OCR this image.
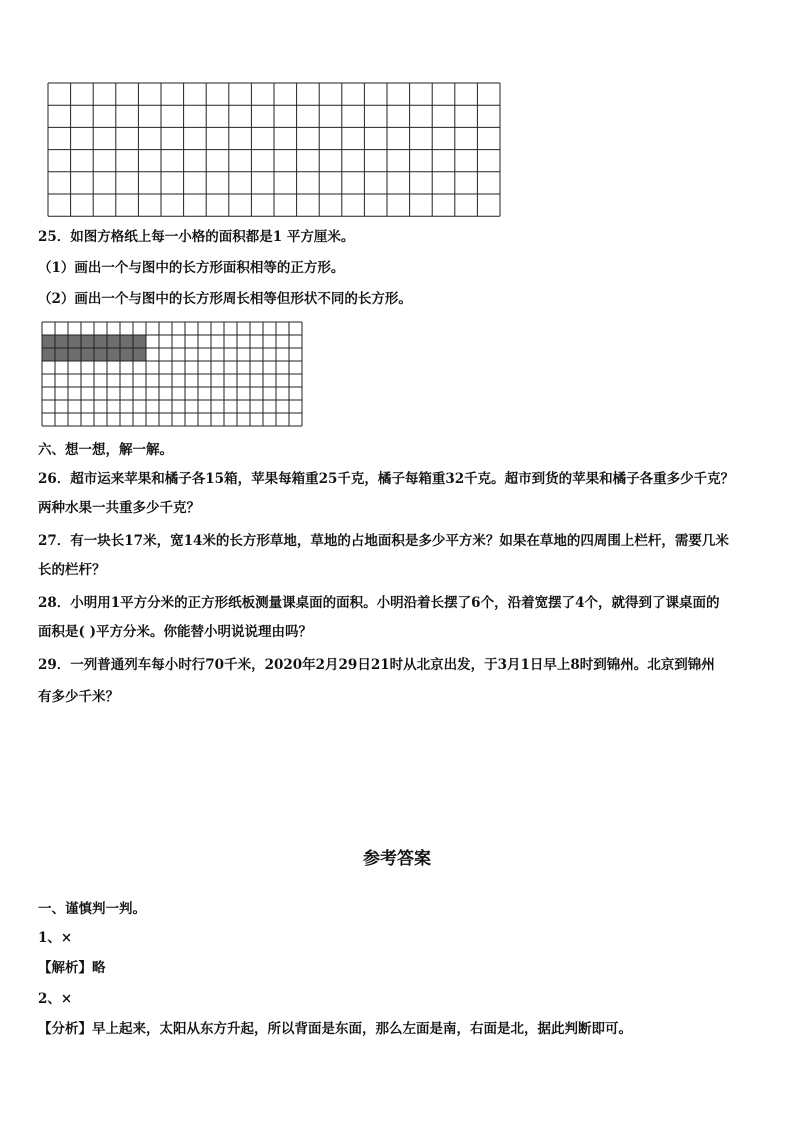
25．如图方格纸上每一小格的面积都是1 平方厘米。
（1）画出一个与图中的长方形面积相等的正方形。
（2）画出一个与图中的长方形周长相等但形状不同的长方形。
六、想一想，解一解。
26．超市运来苹果和橘子各15箱，苹果每箱重25千克，橘子每箱重32千克。超市到货的苹果和橘子各重多少千克？
两种水果一共重多少千克？
27．有一块长17米，宽14米的长方形草地，草地的占地面积是多少平方米？如果在草地的四周围上栏杆，需要几米
长的栏杆？
28．小明用1平方分米的正方形纸板测量课桌面的面积。小明沿着长摆了6个，沿着宽摆了4个，就得到了课桌面的
面积是( )平方分米。你能替小明说说理由吗？
29．一列普通列车每小时行70千米，2020年2月29日21时从北京出发，于3月1日早上8时到锦州。北京到锦州
有多少千米？
参考答案
一、谨慎判一判。
1、×
【解析】略
2、×
【分析】早上起来，太阳从东方升起，所以背面是东面，那么左面是南，右面是北，据此判断即可。
